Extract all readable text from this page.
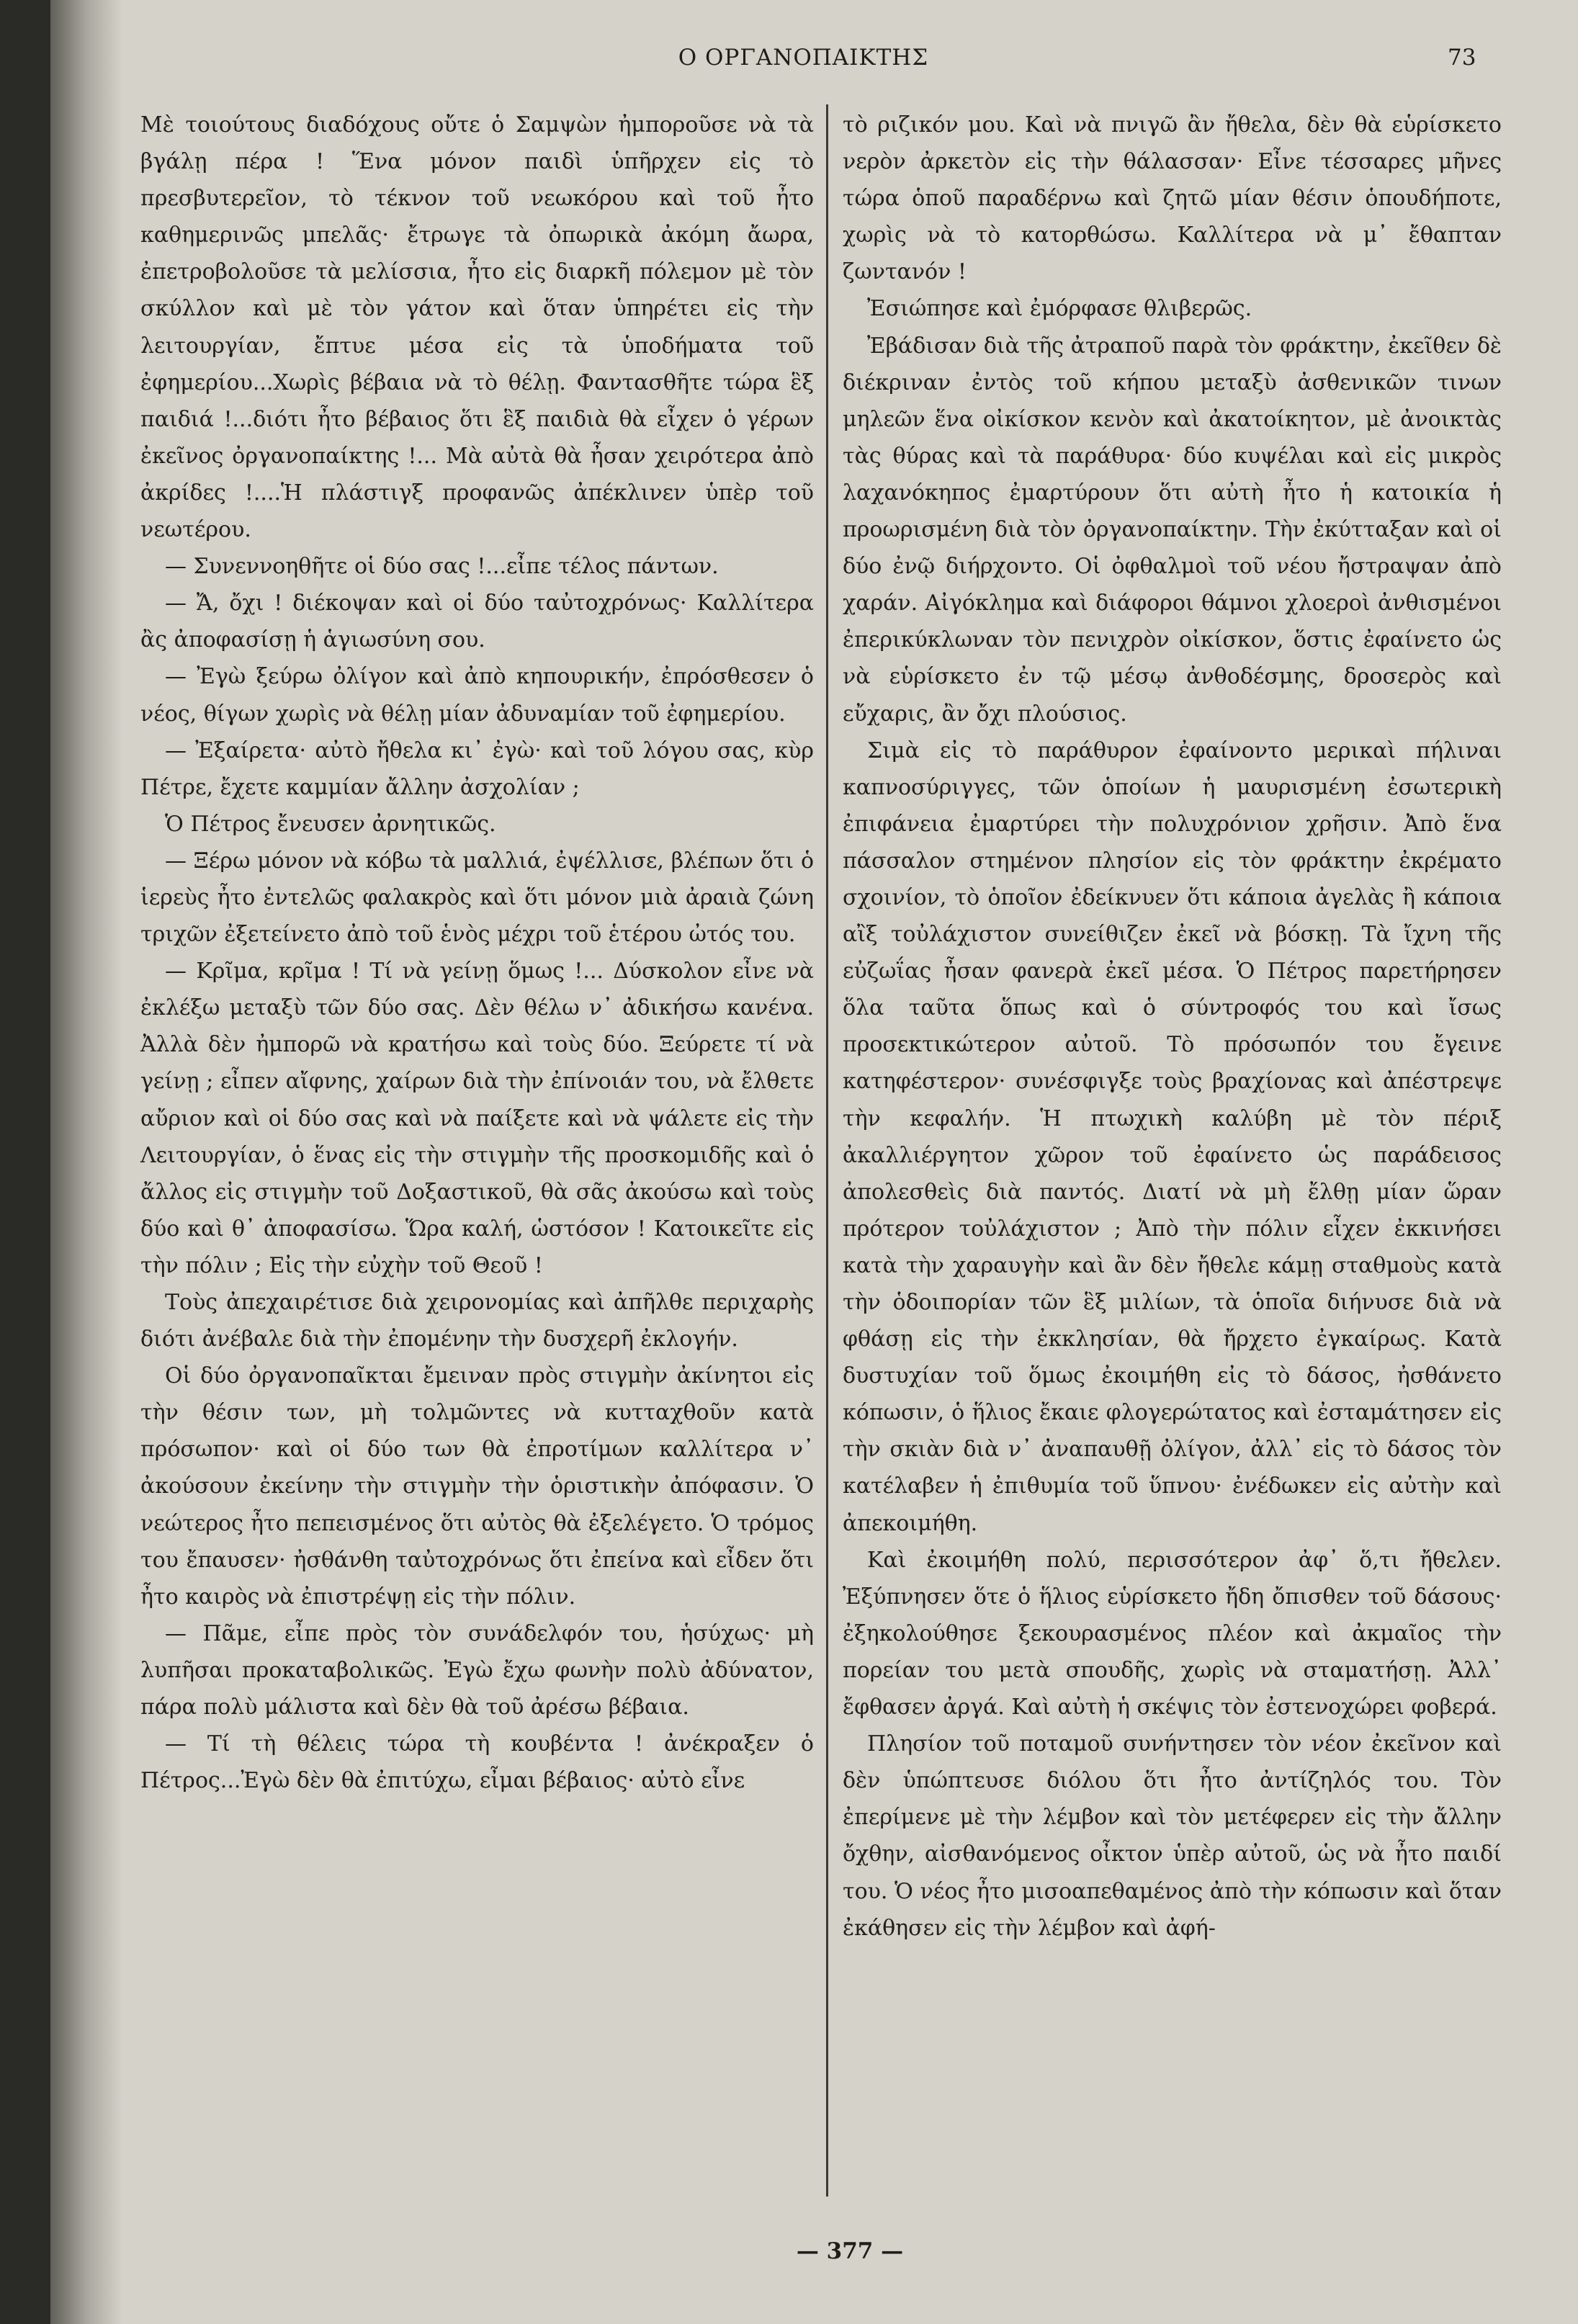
Ο ΟΡΓΑΝΟΠΑΙΚΤΗΣ	73

Μὲ τοιούτους διαδόχους οὔτε ὁ Σαμψὼν ἠμποροῦσε νὰ τὰ βγάλῃ πέρα ! Ἕνα μόνον παιδὶ ὑπῆρχεν εἰς τὸ πρεσβυτερεῖον, τὸ τέκνον τοῦ νεωκόρου καὶ τοῦ ἦτο καθημερινῶς μπελᾶς· ἔτρωγε τὰ ὀπωρικὰ ἀκόμη ἄωρα, ἐπετροβολοῦσε τὰ μελίσσια, ἦτο εἰς διαρκῆ πόλεμον μὲ τὸν σκύλλον καὶ μὲ τὸν γάτον καὶ ὅταν ὑπηρέτει εἰς τὴν λειτουργίαν, ἔπτυε μέσα εἰς τὰ ὑποδήματα τοῦ ἐφημερίου...Χωρὶς βέβαια νὰ τὸ θέλῃ. Φαντασθῆτε τώρα ἓξ παιδιά !...διότι ἦτο βέβαιος ὅτι ἓξ παιδιὰ θὰ εἶχεν ὁ γέρων ἐκεῖνος ὀργανοπαίκτης !... Μὰ αὐτὰ θὰ ἦσαν χειρότερα ἀπὸ ἀκρίδες !....Ἡ πλάστιγξ προφανῶς ἀπέκλινεν ὑπὲρ τοῦ νεωτέρου.

— Συνεννοηθῆτε οἱ δύο σας !...εἶπε τέλος πάντων.

— Ἄ, ὄχι ! διέκοψαν καὶ οἱ δύο ταὐτοχρόνως· Καλλίτερα ἂς ἀποφασίσῃ ἡ ἁγιωσύνη σου.

— Ἐγὼ ξεύρω ὀλίγον καὶ ἀπὸ κηπουρικήν, ἐπρόσθεσεν ὁ νέος, θίγων χωρὶς νὰ θέλῃ μίαν ἀδυναμίαν τοῦ ἐφημερίου.

— Ἐξαίρετα· αὐτὸ ἤθελα κι᾿ ἐγὼ· καὶ τοῦ λόγου σας, κὺρ Πέτρε, ἔχετε καμμίαν ἄλλην ἀσχολίαν ;

Ὁ Πέτρος ἔνευσεν ἀρνητικῶς.

— Ξέρω μόνον νὰ κόβω τὰ μαλλιά, ἐψέλλισε, βλέπων ὅτι ὁ ἱερεὺς ἦτο ἐντελῶς φαλακρὸς καὶ ὅτι μόνον μιὰ ἀραιὰ ζώνη τριχῶν ἐξετείνετο ἀπὸ τοῦ ἑνὸς μέχρι τοῦ ἑτέρου ὠτός του.

— Κρῖμα, κρῖμα ! Τί νὰ γείνῃ ὅμως !... Δύσκολον εἶνε νὰ ἐκλέξω μεταξὺ τῶν δύο σας. Δὲν θέλω ν᾿ ἀδικήσω κανένα. Ἀλλὰ δὲν ἠμπορῶ νὰ κρατήσω καὶ τοὺς δύο. Ξεύρετε τί νὰ γείνῃ ; εἶπεν αἴφνης, χαίρων διὰ τὴν ἐπίνοιάν του, νὰ ἔλθετε αὔριον καὶ οἱ δύο σας καὶ νὰ παίξετε καὶ νὰ ψάλετε εἰς τὴν Λειτουργίαν, ὁ ἕνας εἰς τὴν στιγμὴν τῆς προσκομιδῆς καὶ ὁ ἄλλος εἰς στιγμὴν τοῦ Δοξαστικοῦ, θὰ σᾶς ἀκούσω καὶ τοὺς δύο καὶ θ᾿ ἀποφασίσω. Ὥρα καλή, ὡστόσον ! Κατοικεῖτε εἰς τὴν πόλιν ; Εἰς τὴν εὐχὴν τοῦ Θεοῦ !

Τοὺς ἀπεχαιρέτισε διὰ χειρονομίας καὶ ἀπῆλθε περιχαρὴς διότι ἀνέβαλε διὰ τὴν ἐπομένην τὴν δυσχερῆ ἐκλογήν.

Οἱ δύο ὀργανοπαῖκται ἔμειναν πρὸς στιγμὴν ἀκίνητοι εἰς τὴν θέσιν των, μὴ τολμῶντες νὰ κυτταχθοῦν κατὰ πρόσωπον· καὶ οἱ δύο των θὰ ἐπροτίμων καλλίτερα ν᾿ ἀκούσουν ἐκείνην τὴν στιγμὴν τὴν ὁριστικὴν ἀπόφασιν. Ὁ νεώτερος ἦτο πεπεισμένος ὅτι αὐτὸς θὰ ἐξελέγετο. Ὁ τρόμος του ἔπαυσεν· ἠσθάνθη ταὐτοχρόνως ὅτι ἐπείνα καὶ εἶδεν ὅτι ἦτο καιρὸς νὰ ἐπιστρέψῃ εἰς τὴν πόλιν.

— Πᾶμε, εἶπε πρὸς τὸν συνάδελφόν του, ἡσύχως· μὴ λυπῆσαι προκαταβολικῶς. Ἐγὼ ἔχω φωνὴν πολὺ ἀδύνατον, πάρα πολὺ μάλιστα καὶ δὲν θὰ τοῦ ἀρέσω βέβαια.

— Τί τὴ θέλεις τώρα τὴ κουβέντα ! ἀνέκραξεν ὁ Πέτρος...Ἐγὼ δὲν θὰ ἐπιτύχω, εἶμαι βέβαιος· αὐτὸ εἶνε

τὸ ριζικόν μου. Καὶ νὰ πνιγῶ ἂν ἤθελα, δὲν θὰ εὑρίσκετο νερὸν ἀρκετὸν εἰς τὴν θάλασσαν· Εἶνε τέσσαρες μῆνες τώρα ὁποῦ παραδέρνω καὶ ζητῶ μίαν θέσιν ὁπουδήποτε, χωρὶς νὰ τὸ κατορθώσω. Καλλίτερα νὰ μ᾿ ἔθαπταν ζωντανόν !

Ἐσιώπησε καὶ ἐμόρφασε θλιβερῶς.

Ἐβάδισαν διὰ τῆς ἀτραποῦ παρὰ τὸν φράκτην, ἐκεῖθεν δὲ διέκριναν ἐντὸς τοῦ κήπου μεταξὺ ἀσθενικῶν τινων μηλεῶν ἕνα οἰκίσκον κενὸν καὶ ἀκατοίκητον, μὲ ἀνοικτὰς τὰς θύρας καὶ τὰ παράθυρα· δύο κυψέλαι καὶ εἰς μικρὸς λαχανόκηπος ἐμαρτύρουν ὅτι αὐτὴ ἦτο ἡ κατοικία ἡ προωρισμένη διὰ τὸν ὀργανοπαίκτην. Τὴν ἐκύτταξαν καὶ οἱ δύο ἐνῷ διήρχοντο. Οἱ ὀφθαλμοὶ τοῦ νέου ἤστραψαν ἀπὸ χαράν. Αἰγόκλημα καὶ διάφοροι θάμνοι χλοεροὶ ἀνθισμένοι ἐπερικύκλωναν τὸν πενιχρὸν οἰκίσκον, ὅστις ἐφαίνετο ὡς νὰ εὑρίσκετο ἐν τῷ μέσῳ ἀνθοδέσμης, δροσερὸς καὶ εὔχαρις, ἂν ὄχι πλούσιος.

Σιμὰ εἰς τὸ παράθυρον ἐφαίνοντο μερικαὶ πήλιναι καπνοσύριγγες, τῶν ὁποίων ἡ μαυρισμένη ἐσωτερικὴ ἐπιφάνεια ἐμαρτύρει τὴν πολυχρόνιον χρῆσιν. Ἀπὸ ἕνα πάσσαλον στημένον πλησίον εἰς τὸν φράκτην ἐκρέματο σχοινίον, τὸ ὁποῖον ἐδείκνυεν ὅτι κάποια ἀγελὰς ἢ κάποια αἲξ τοὐλάχιστον συνείθιζεν ἐκεῖ νὰ βόσκῃ. Τὰ ἴχνη τῆς εὐζωΐας ἦσαν φανερὰ ἐκεῖ μέσα. Ὁ Πέτρος παρετήρησεν ὅλα ταῦτα ὅπως καὶ ὁ σύντροφός του καὶ ἴσως προσεκτικώτερον αὐτοῦ. Τὸ πρόσωπόν του ἔγεινε κατηφέστερον· συνέσφιγξε τοὺς βραχίονας καὶ ἀπέστρεψε τὴν κεφαλήν. Ἡ πτωχικὴ καλύβη μὲ τὸν πέριξ ἀκαλλιέργητον χῶρον τοῦ ἐφαίνετο ὡς παράδεισος ἀπολεσθεὶς διὰ παντός. Διατί νὰ μὴ ἔλθῃ μίαν ὥραν πρότερον τοὐλάχιστον ; Ἀπὸ τὴν πόλιν εἶχεν ἐκκινήσει κατὰ τὴν χαραυγὴν καὶ ἂν δὲν ἤθελε κάμῃ σταθμοὺς κατὰ τὴν ὁδοιπορίαν τῶν ἓξ μιλίων, τὰ ὁποῖα διήνυσε διὰ νὰ φθάσῃ εἰς τὴν ἐκκλησίαν, θὰ ἤρχετο ἐγκαίρως. Κατὰ δυστυχίαν τοῦ ὅμως ἐκοιμήθη εἰς τὸ δάσος, ἠσθάνετο κόπωσιν, ὁ ἥλιος ἔκαιε φλογερώτατος καὶ ἐσταμάτησεν εἰς τὴν σκιὰν διὰ ν᾿ ἀναπαυθῇ ὀλίγον, ἀλλ᾿ εἰς τὸ δάσος τὸν κατέλαβεν ἡ ἐπιθυμία τοῦ ὕπνου· ἐνέδωκεν εἰς αὐτὴν καὶ ἀπεκοιμήθη.

Καὶ ἐκοιμήθη πολύ, περισσότερον ἀφ᾿ ὅ,τι ἤθελεν. Ἐξύπνησεν ὅτε ὁ ἥλιος εὑρίσκετο ἤδη ὄπισθεν τοῦ δάσους· ἐξηκολούθησε ξεκουρασμένος πλέον καὶ ἀκμαῖος τὴν πορείαν του μετὰ σπουδῆς, χωρὶς νὰ σταματήσῃ. Ἀλλ᾿ ἔφθασεν ἀργά. Καὶ αὐτὴ ἡ σκέψις τὸν ἐστενοχώρει φοβερά.

Πλησίον τοῦ ποταμοῦ συνήντησεν τὸν νέον ἐκεῖνον καὶ δὲν ὑπώπτευσε διόλου ὅτι ἦτο ἀντίζηλός του. Τὸν ἐπερίμενε μὲ τὴν λέμβον καὶ τὸν μετέφερεν εἰς τὴν ἄλλην ὄχθην, αἰσθανόμενος οἶκτον ὑπὲρ αὐτοῦ, ὡς νὰ ἦτο παιδί του. Ὁ νέος ἦτο μισοαπεθαμένος ἀπὸ τὴν κόπωσιν καὶ ὅταν ἐκάθησεν εἰς τὴν λέμβον καὶ ἀφή-

— 377 —
